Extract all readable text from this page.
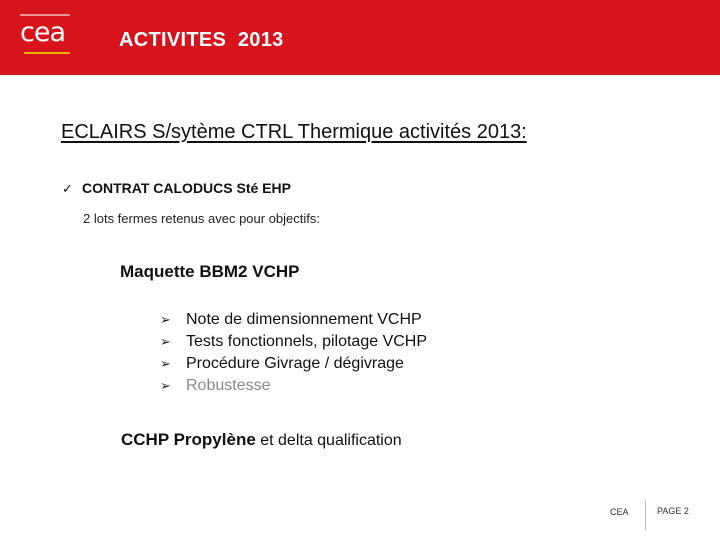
cea	ACTIVITES  2013
ECLAIRS S/sytème CTRL Thermique activités 2013:
✓ CONTRAT CALODUCS Sté EHP
2 lots fermes retenus avec pour objectifs:
Maquette BBM2 VCHP
➢ Note de dimensionnement VCHP
➢ Tests fonctionnels, pilotage VCHP
➢ Procédure Givrage / dégivrage
➢ Robustesse
CCHP Propylène et delta qualification
CEA	PAGE 2
